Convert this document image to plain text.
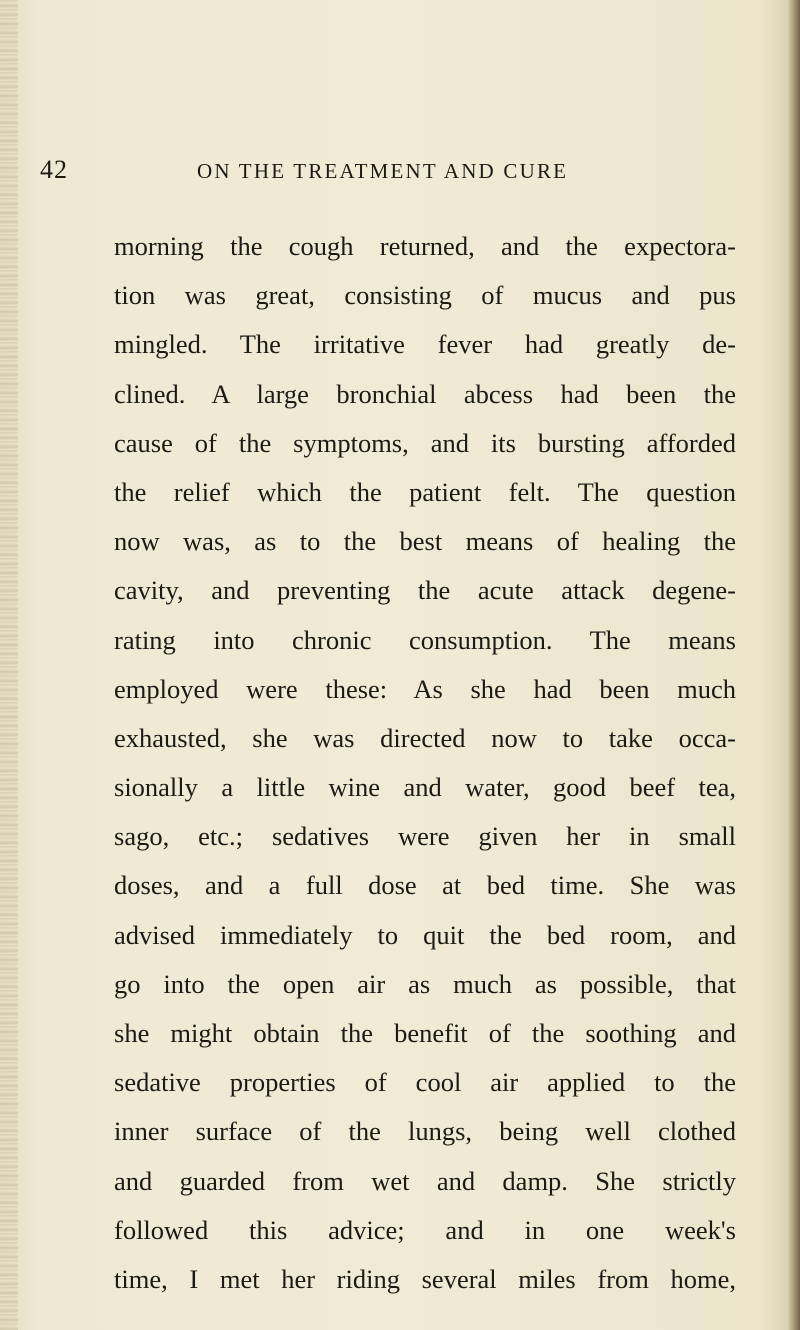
42	ON THE TREATMENT AND CURE
morning the cough returned, and the expectora-
tion was great, consisting of mucus and pus
mingled. The irritative fever had greatly de-
clined. A large bronchial abcess had been the
cause of the symptoms, and its bursting afforded
the relief which the patient felt. The question
now was, as to the best means of healing the
cavity, and preventing the acute attack degene-
rating into chronic consumption. The means
employed were these: As she had been much
exhausted, she was directed now to take occa-
sionally a little wine and water, good beef tea,
sago, etc.; sedatives were given her in small
doses, and a full dose at bed time. She was
advised immediately to quit the bed room, and
go into the open air as much as possible, that
she might obtain the benefit of the soothing and
sedative properties of cool air applied to the
inner surface of the lungs, being well clothed
and guarded from wet and damp. She strictly
followed this advice; and in one week's
time, I met her riding several miles from home,
